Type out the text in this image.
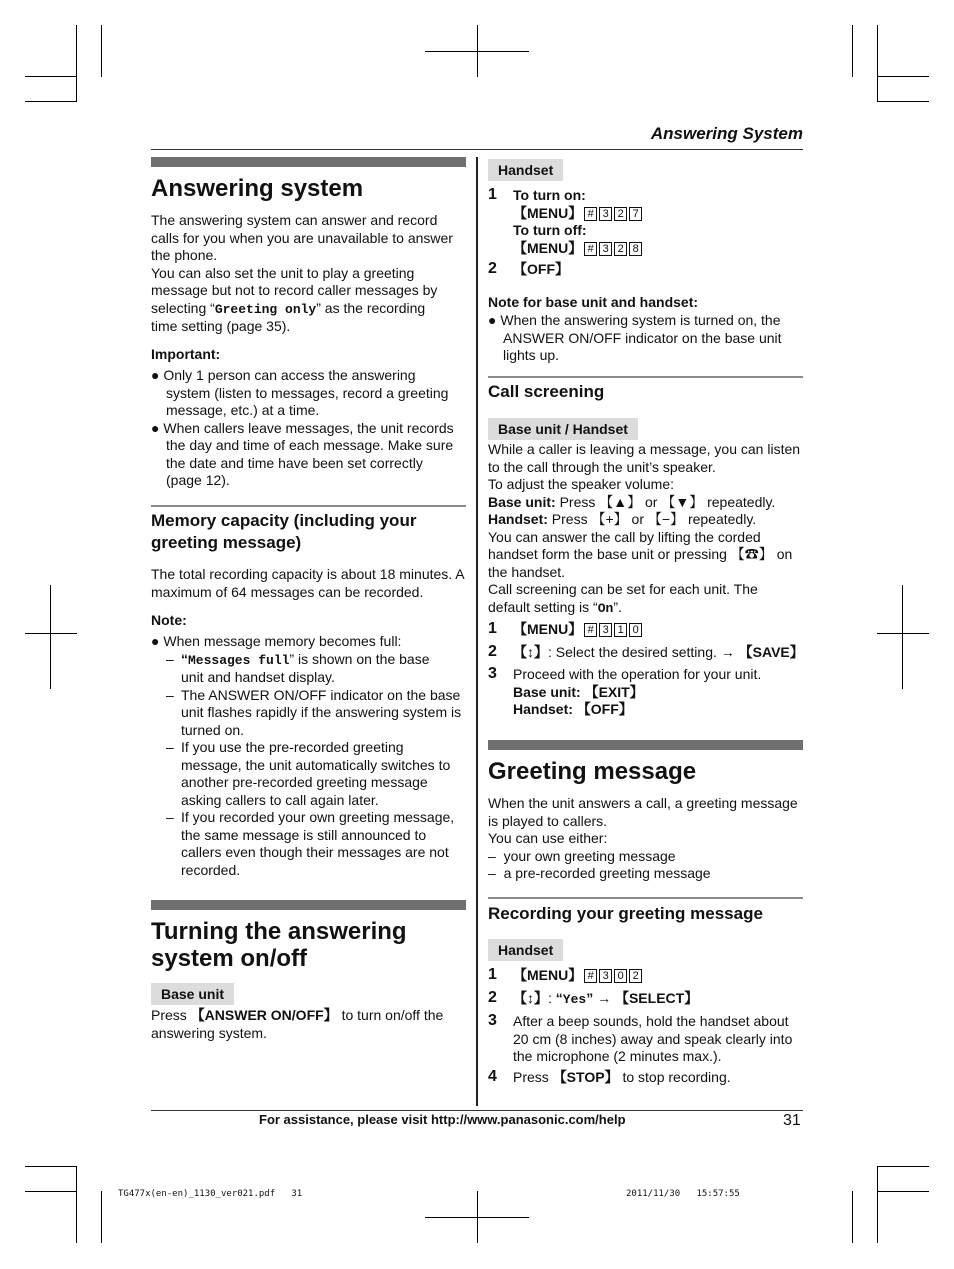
Answering System
Answering system
The answering system can answer and record
calls for you when you are unavailable to answer
the phone.
You can also set the unit to play a greeting
message but not to record caller messages by
selecting “Greeting only” as the recording
time setting (page 35).
Important:
● Only 1 person can access the answering
system (listen to messages, record a greeting
message, etc.) at a time.
● When callers leave messages, the unit records
the day and time of each message. Make sure
the date and time have been set correctly
(page 12).
Memory capacity (including your
greeting message)
The total recording capacity is about 18 minutes. A
maximum of 64 messages can be recorded.
Note:
● When message memory becomes full:
– “Messages full” is shown on the base
unit and handset display.
– The ANSWER ON/OFF indicator on the base
unit flashes rapidly if the answering system is
turned on.
– If you use the pre-recorded greeting
message, the unit automatically switches to
another pre-recorded greeting message
asking callers to call again later.
– If you recorded your own greeting message,
the same message is still announced to
callers even though their messages are not
recorded.
Turning the answering
system on/off
Base unit
Press 【ANSWER ON/OFF】 to turn on/off the
answering system.
Handset
1 To turn on:
【MENU】 # 3 2 7
To turn off:
【MENU】 # 3 2 8
2 【OFF】
Note for base unit and handset:
● When the answering system is turned on, the
ANSWER ON/OFF indicator on the base unit
lights up.
Call screening
Base unit / Handset
While a caller is leaving a message, you can listen
to the call through the unit’s speaker.
To adjust the speaker volume:
Base unit: Press 【▲】 or 【▼】 repeatedly.
Handset: Press 【+】 or 【−】 repeatedly.
You can answer the call by lifting the corded
handset form the base unit or pressing 【☎】 on
the handset.
Call screening can be set for each unit. The
default setting is “On”.
1 【MENU】 # 3 1 0
2 【↕】: Select the desired setting. → 【SAVE】
3 Proceed with the operation for your unit.
Base unit: 【EXIT】
Handset: 【OFF】
Greeting message
When the unit answers a call, a greeting message
is played to callers.
You can use either:
–  your own greeting message
–  a pre-recorded greeting message
Recording your greeting message
Handset
1 【MENU】 # 3 0 2
2 【↕】: “Yes” → 【SELECT】
3 After a beep sounds, hold the handset about
20 cm (8 inches) away and speak clearly into
the microphone (2 minutes max.).
4 Press 【STOP】 to stop recording.
For assistance, please visit http://www.panasonic.com/help	31
TG477x(en-en)_1130_ver021.pdf   31	2011/11/30   15:57:55
